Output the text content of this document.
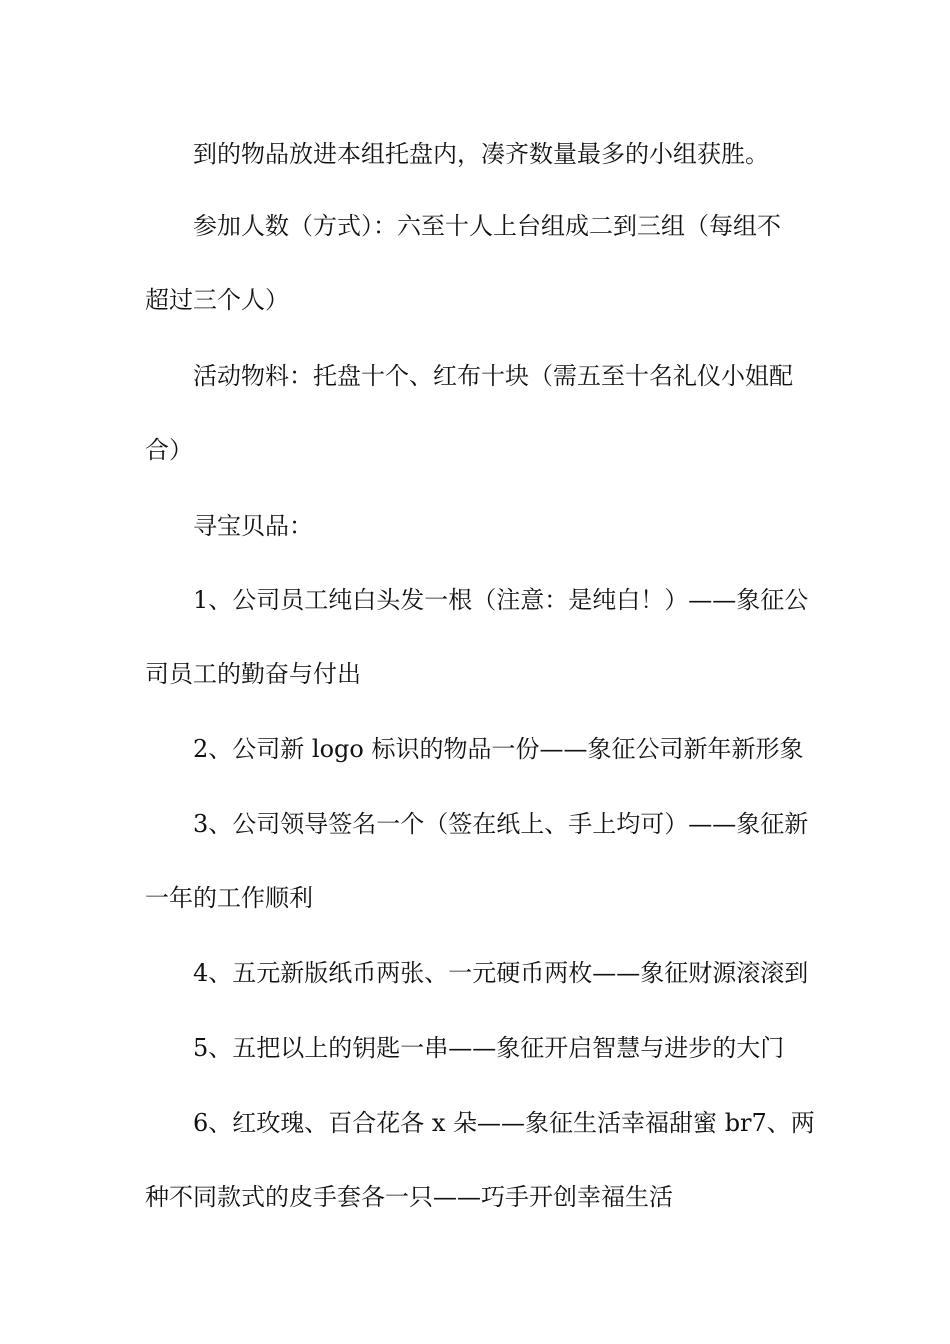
到的物品放进本组托盘内，凑齐数量最多的小组获胜。
参加人数（方式）：六至十人上台组成二到三组（每组不
超过三个人）
活动物料：托盘十个、红布十块（需五至十名礼仪小姐配
合）
寻宝贝品：
1、公司员工纯白头发一根（注意：是纯白！）——象征公
司员工的勤奋与付出
2、公司新 logo 标识的物品一份——象征公司新年新形象
3、公司领导签名一个（签在纸上、手上均可）——象征新
一年的工作顺利
4、五元新版纸币两张、一元硬币两枚——象征财源滚滚到
5、五把以上的钥匙一串——象征开启智慧与进步的大门
6、红玫瑰、百合花各 x 朵——象征生活幸福甜蜜 br7、两
种不同款式的皮手套各一只——巧手开创幸福生活
